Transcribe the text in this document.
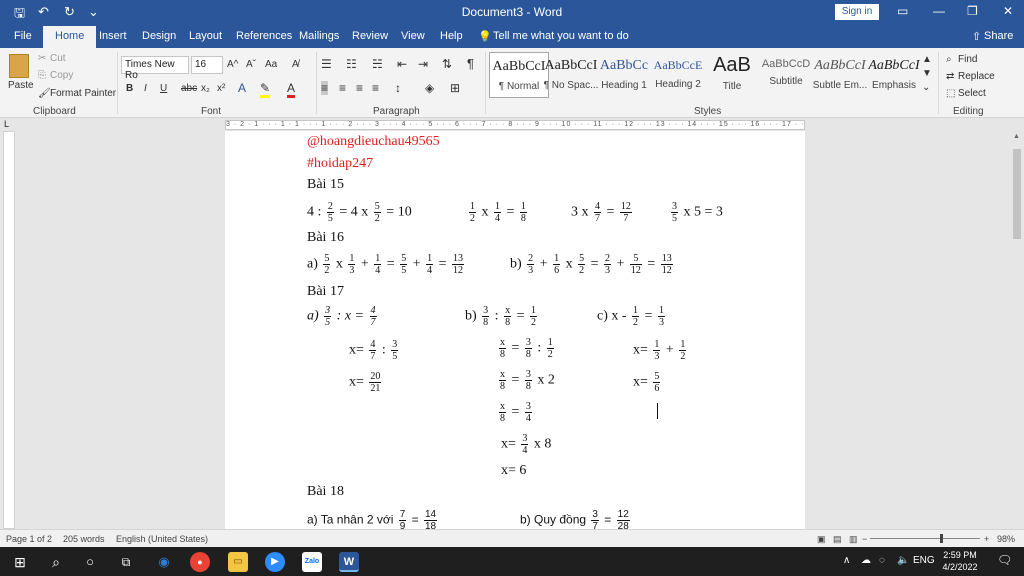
🖫 ↶ ↻ ⌄	Document3 - Word	Sign in	▭ — ❐ ✕
File	Home	Insert Design Layout References Mailings Review View Help 💡 Tell me what you want to do	⇧ Share
Paste
✂ Cut
⎘ Copy
🖌 Format Painter
Clipboard
Times New Ro
16	A^ Aˇ Aa A̸
B I U abc x₂ x² A ✎ A
Font
☰ ☷ ☵ ⇤ ⇥ ⇅ ¶
≡ ≡ ≡ ≡ ↕ ◈ ⊞
Paragraph
AaBbCcI
¶ Normal
AaBbCcI
¶ No Spac...
AaBbCc
Heading 1
AaBbCcE
Heading 2
AaB
Title
AaBbCcD
Subtitle
AaBbCcI
Subtle Em...
AaBbCcI
Emphasis
▲
▼
⌄
Styles
⌕ Find
⇄ Replace
⬚ Select
Editing
L	3 · 2 · 1 · · · 1 · 1 · · · 1 · · · 2 · · · 3 · · · 4 · · · 5 · · · 6 · · · 7 · · · 8 · · · 9 · · · 10 · · · 11 · · · 12 · · · 13 · · · 14 · · · 15 · · · 16 · · · 17 · ·
@hoangdieuchau49565
#hoidap247
Bài 15
4 : $\frac{2}{5} = 4$ x $\frac{5}{2} = 10$	$\frac{1}{2}$ x $\frac{1}{4} = \frac{1}{8}$	3 x $\frac{4}{7} = \frac{12}{7}$	$\frac{3}{5}$ x 5 = 3
Bài 16
$a) \frac{5}{2}$ x $\frac{1}{3} + \frac{1}{4} = \frac{5}{5} + \frac{1}{4} = \frac{13}{12}$	$b) \frac{2}{3} + \frac{1}{6}$ x $\frac{5}{2} = \frac{2}{3} + \frac{5}{12} = \frac{13}{12}$
Bài 17
$a) \frac{3}{5}$ : $x = \frac{4}{7}$
$x= \frac{4}{7}$ : $\frac{3}{5}$
$x= \frac{20}{21}$
$b) \frac{3}{8}$ : $\frac{x}{8} = \frac{1}{2}$
$\frac{x}{8} = \frac{3}{8}$ : $\frac{1}{2}$
$\frac{x}{8} = \frac{3}{8}$ x 2
$\frac{x}{8} = \frac{3}{4}$
$x= \frac{3}{4}$ x 8
x= 6
c) $x - \frac{1}{2} = \frac{1}{3}$
$x= \frac{1}{3} + \frac{1}{2}$
$x= \frac{5}{6}$
Bài 18
a) Ta nhân 2 với $\frac{7}{9} = \frac{14}{18}$	b) Quy đồng $\frac{3}{7} = \frac{12}{28}$
▲
Page 1 of 2 205 words English (United States)	▣ ▤ ▥ −	+ 98%
⊞	⌕	○	⧉	◉	●	▭	▶	Zalo	W	∧ ☁ ◌ 🔈 ENG 2:59 PM
4/2/2022	🗨
